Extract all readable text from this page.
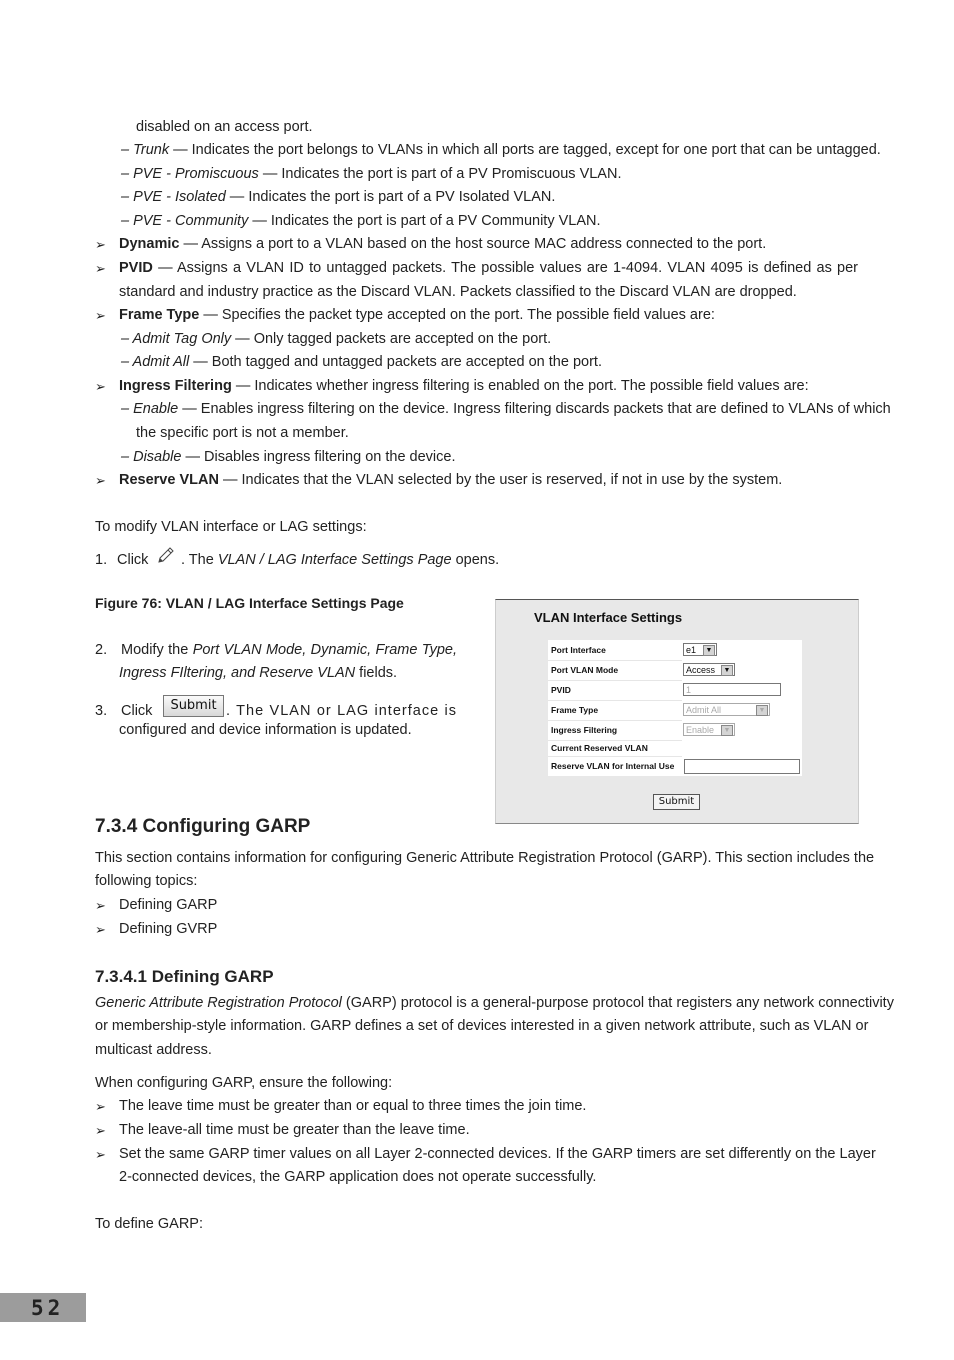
disabled on an access port.
– Trunk — Indicates the port belongs to VLANs in which all ports are tagged, except for one port that can be untagged.
– PVE - Promiscuous — Indicates the port is part of a PV Promiscuous VLAN.
– PVE - Isolated — Indicates the port is part of a PV Isolated VLAN.
– PVE - Community — Indicates the port is part of a PV Community VLAN.
➢ Dynamic — Assigns a port to a VLAN based on the host source MAC address connected to the port.
➢ PVID — Assigns a VLAN ID to untagged packets. The possible values are 1-4094. VLAN 4095 is defined as per
standard and industry practice as the Discard VLAN. Packets classified to the Discard VLAN are dropped.
➢ Frame Type — Specifies the packet type accepted on the port. The possible field values are:
– Admit Tag Only — Only tagged packets are accepted on the port.
– Admit All — Both tagged and untagged packets are accepted on the port.
➢ Ingress Filtering — Indicates whether ingress filtering is enabled on the port. The possible field values are:
– Enable — Enables ingress filtering on the device. Ingress filtering discards packets that are defined to VLANs of which
the specific port is not a member.
– Disable — Disables ingress filtering on the device.
➢ Reserve VLAN — Indicates that the VLAN selected by the user is reserved, if not in use by the system.
To modify VLAN interface or LAG settings:
1. Click . The VLAN / LAG Interface Settings Page opens.
Figure 76: VLAN / LAG Interface Settings Page
2. Modify the Port VLAN Mode, Dynamic, Frame Type,
Ingress FIltering, and Reserve VLAN fields.
3. Click	Submit . The VLAN or LAG interface is
configured and device information is updated.
VLAN Interface Settings
Port Interface	e1	▼
Port VLAN Mode	Access	▼
PVID	1
Frame Type	Admit All	▼
Ingress Filtering	Enable	▼
Current Reserved VLAN
Reserve VLAN for Internal Use
Submit
7.3.4 Configuring GARP
This section contains information for configuring Generic Attribute Registration Protocol (GARP). This section includes the
following topics:
➢ Defining GARP
➢ Defining GVRP
7.3.4.1 Defining GARP
Generic Attribute Registration Protocol (GARP) protocol is a general-purpose protocol that registers any network connectivity
or membership-style information. GARP defines a set of devices interested in a given network attribute, such as VLAN or
multicast address.
When configuring GARP, ensure the following:
➢ The leave time must be greater than or equal to three times the join time.
➢ The leave-all time must be greater than the leave time.
➢ Set the same GARP timer values on all Layer 2-connected devices. If the GARP timers are set differently on the Layer
2-connected devices, the GARP application does not operate successfully.
To define GARP:
52
